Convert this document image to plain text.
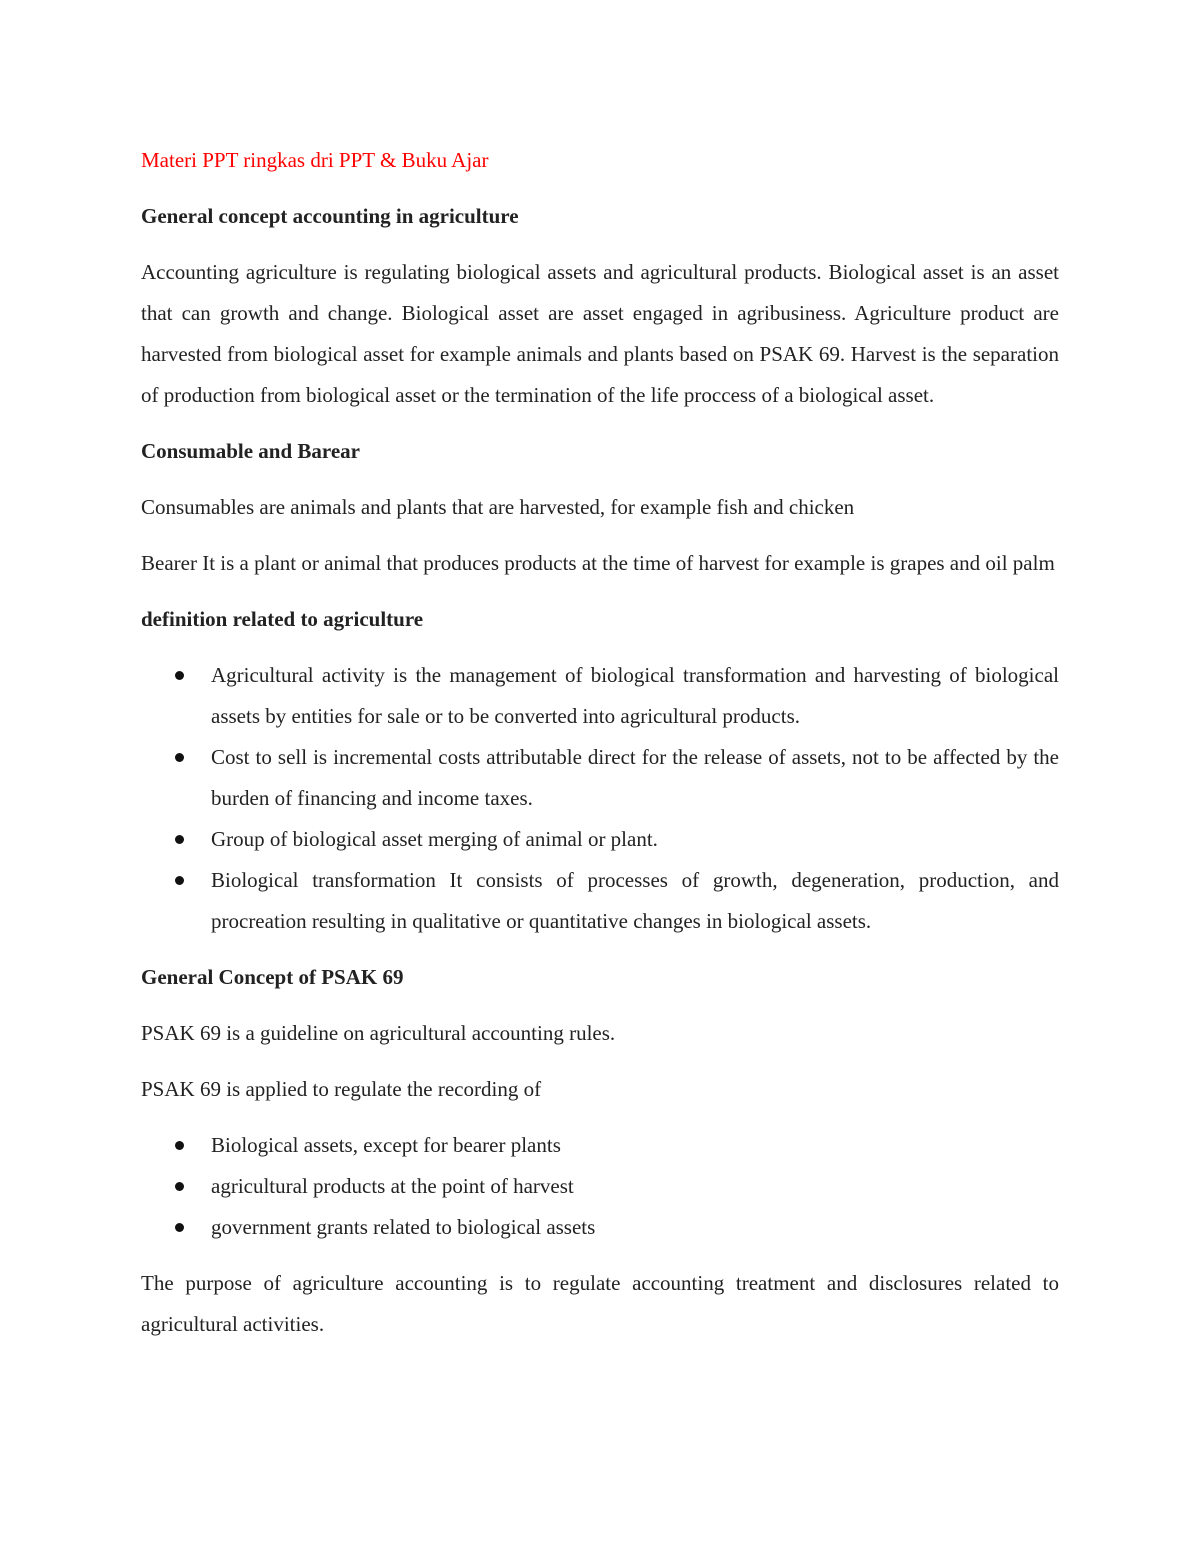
Materi PPT ringkas dri PPT & Buku Ajar

General concept accounting in agriculture

Accounting agriculture is regulating biological assets and agricultural products. Biological asset is an asset that can growth and change. Biological asset are asset engaged in agribusiness. Agriculture product are harvested from biological asset for example animals and plants based on PSAK 69. Harvest is the separation of production from biological asset or the termination of the life proccess of a biological asset.

Consumable and Barear

Consumables are animals and plants that are harvested, for example fish and chicken

Bearer It is a plant or animal that produces products at the time of harvest for example is grapes and oil palm

definition related to agriculture

Agricultural activity is the management of biological transformation and harvesting of biological assets by entities for sale or to be converted into agricultural products.
Cost to sell is incremental costs attributable direct for the release of assets, not to be affected by the burden of financing and income taxes.
Group of biological asset merging of animal or plant.
Biological transformation It consists of processes of growth, degeneration, production, and procreation resulting in qualitative or quantitative changes in biological assets.

General Concept of PSAK 69

PSAK 69 is a guideline on agricultural accounting rules.

PSAK 69 is applied to regulate the recording of

Biological assets, except for bearer plants
agricultural products at the point of harvest
government grants related to biological assets

The purpose of agriculture accounting is to regulate accounting treatment and disclosures related to agricultural activities.
